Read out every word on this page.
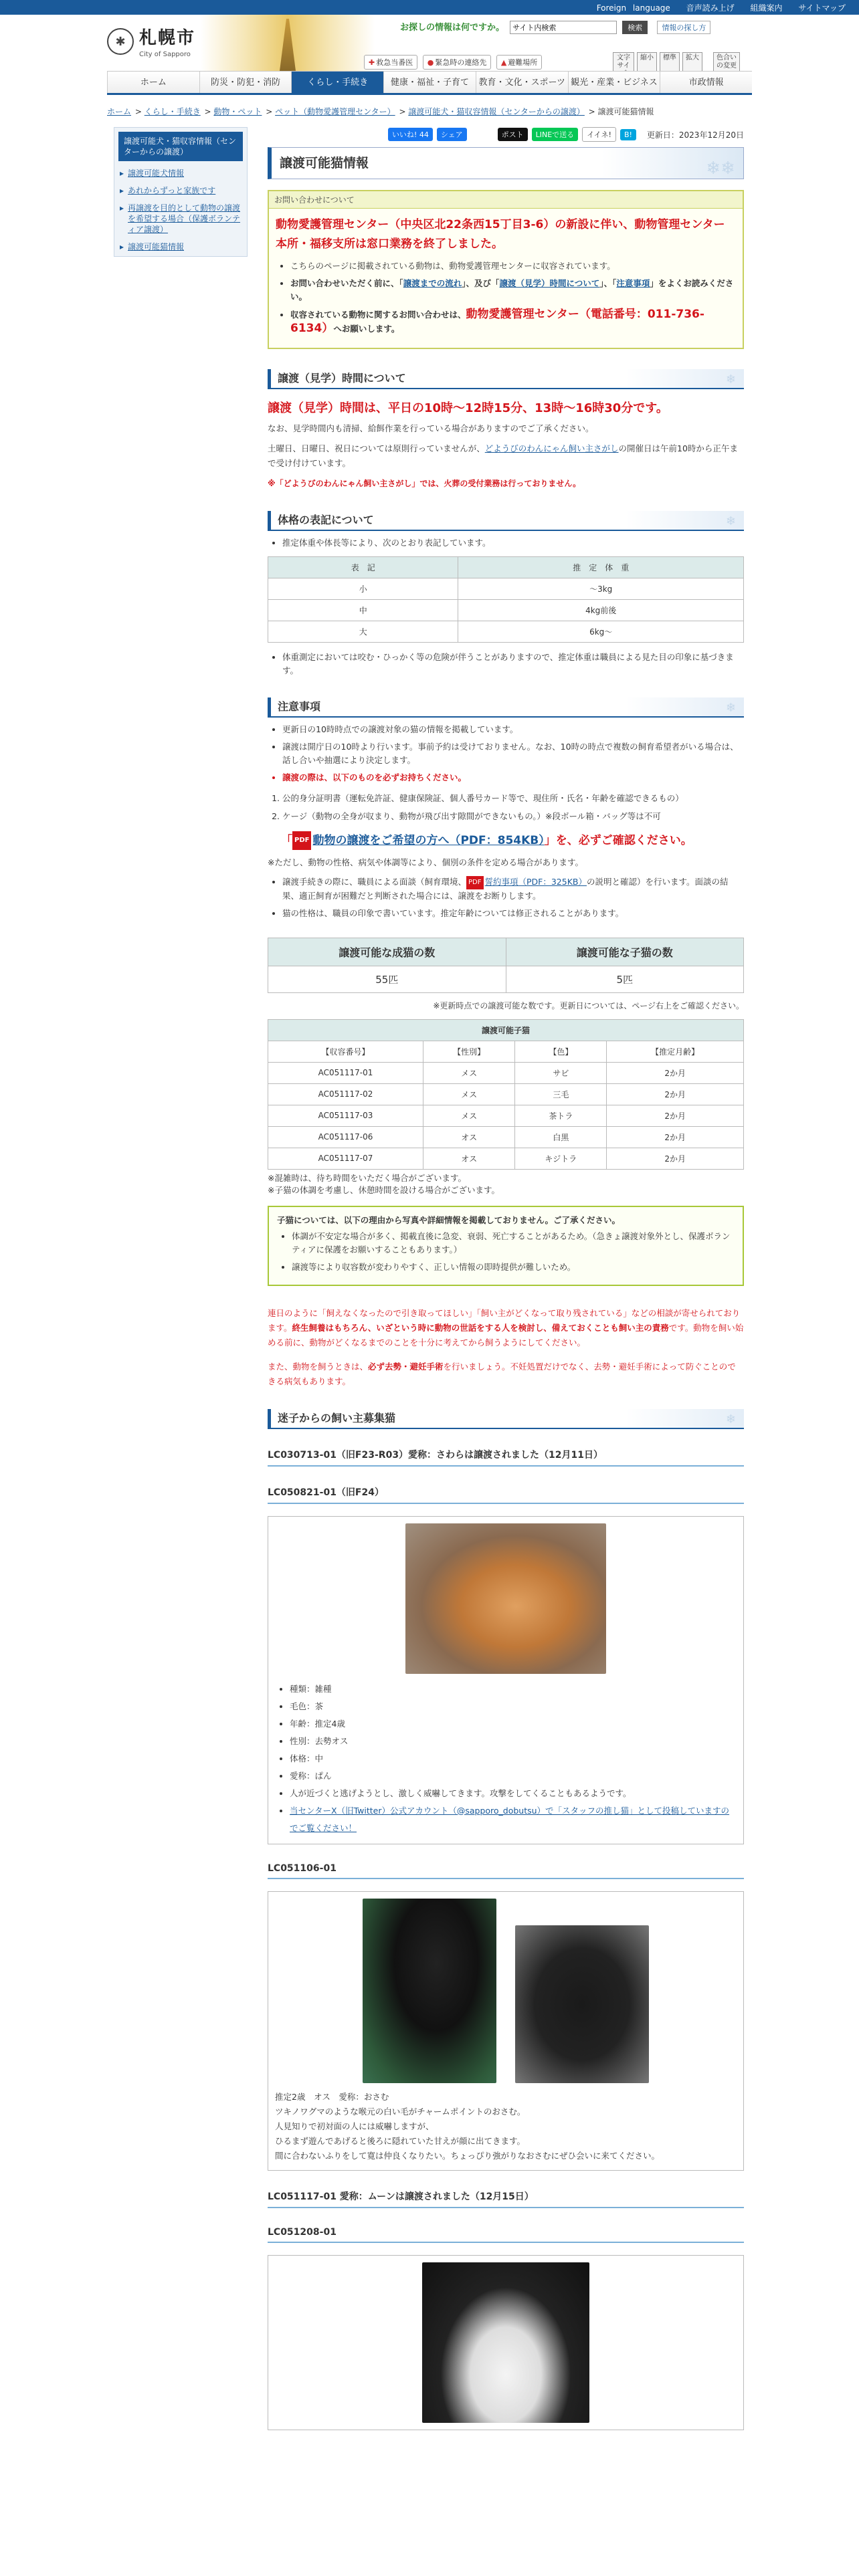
Foreign language 音声読み上げ 組織案内 サイトマップ
✱ 札幌市
City of Sapporo
お探しの情報は何ですか。 サイト内検索	検索	情報の探し方
✚ 救急当番医 ● 緊急時の連絡先 ▲ 避難場所
文字サイ
縮小	標準	拡大	色合いの変更
ホーム	防災・防犯・消防	くらし・手続き	健康・福祉・子育て	教育・文化・スポーツ 観光・産業・ビジネス	市政情報
ホーム > くらし・手続き > 動物・ペット > ペット（動物愛護管理センター） > 譲渡可能犬・猫収容情報（センターからの譲渡） > 譲渡可能猫情報
譲渡可能犬・猫収容情報（センターからの譲渡）
▸ 譲渡可能犬情報
▸ あれからずっと家族です
▸ 再譲渡を目的として動物の譲渡を希望する場合（保護ボランティア譲渡）
▸ 譲渡可能猫情報
いいね! 44	シェア	ポスト	LINEで送る	イイネ!	B!	更新日：2023年12月20日
譲渡可能猫情報	❄❄
お問い合わせについて
動物愛護管理センター（中央区北22条西15丁目3-6）の新設に伴い、動物管理センター本所・福移支所は窓口業務を終了しました。
• こちらのページに掲載されている動物は、動物愛護管理センターに収容されています。
• お問い合わせいただく前に、「譲渡までの流れ」、及び「譲渡（見学）時間について」、「注意事項」をよくお読みください。
• 収容されている動物に関するお問い合わせは、動物愛護管理センター（電話番号：011-736-6134）へお願いします。
譲渡（見学）時間について	❄
譲渡（見学）時間は、平日の10時～12時15分、13時～16時30分です。

なお、見学時間内も清掃、給餌作業を行っている場合がありますのでご了承ください。

土曜日、日曜日、祝日については原則行っていませんが、どようびのわんにゃん飼い主さがしの開催日は午前10時から正午まで受け付けています。

※「どようびのわんにゃん飼い主さがし」では、火葬の受付業務は行っておりません。

体格の表記について	❄
• 推定体重や体長等により、次のとおり表記しています。
表　記	推　定　体　重
小	～3kg
中	4kg前後
大	6kg～
• 体重測定においては咬む・ひっかく等の危険が伴うことがありますので、推定体重は職員による見た目の印象に基づきます。
注意事項	❄
• 更新日の10時時点での譲渡対象の猫の情報を掲載しています。
• 譲渡は開庁日の10時より行います。事前予約は受けておりません。なお、10時の時点で複数の飼育希望者がいる場合は、話し合いや抽選により決定します。
• 譲渡の際は、以下のものを必ずお持ちください。
1. 公的身分証明書（運転免許証、健康保険証、個人番号カード等で、現住所・氏名・年齢を確認できるもの）
2. ケージ（動物の全身が収まり、動物が飛び出す隙間ができないもの。）※段ボール箱・バッグ等は不可
「 PDF 動物の譲渡をご希望の方へ（PDF：854KB）」を、必ずご確認ください。

※ただし、動物の性格、病気や体調等により、個別の条件を定める場合があります。

• 譲渡手続きの際に、職員による面談（飼育環境、 PDF 誓約事項（PDF：325KB）の説明と確認）を行います。面談の結果、適正飼育が困難だと判断された場合には、譲渡をお断りします。
• 猫の性格は、職員の印象で書いています。推定年齢については修正されることがあります。
譲渡可能な成猫の数	譲渡可能な子猫の数
55匹	5匹
※更新時点での譲渡可能な数です。更新日については、ページ右上をご確認ください。
譲渡可能子猫			
【収容番号】	【性別】	【色】	【推定月齢】
AC051117-01	メス	サビ	2か月
AC051117-02	メス	三毛	2か月
AC051117-03	メス	茶トラ	2か月
AC051117-06	オス	白黒	2か月
AC051117-07	オス	キジトラ	2か月

※混雑時は、待ち時間をいただく場合がございます。

※子猫の体調を考慮し、休憩時間を設ける場合がございます。

子猫については、以下の理由から写真や詳細情報を掲載しておりません。ご了承ください。
• 体調が不安定な場合が多く、掲載直後に急変、衰弱、死亡することがあるため。（急きょ譲渡対象外とし、保護ボランティアに保護をお願いすることもあります。）
• 譲渡等により収容数が変わりやすく、正しい情報の即時提供が難しいため。

連日のように「飼えなくなったので引き取ってほしい」「飼い主がどくなって取り残されている」などの相談が寄せられております。終生飼養はもちろん、いざという時に動物の世話をする人を検討し、備えておくことも飼い主の責務です。動物を飼い始める前に、動物がどくなるまでのことを十分に考えてから飼うようにしてください。

また、動物を飼うときは、必ず去勢・避妊手術を行いましょう。不妊処置だけでなく、去勢・避妊手術によって防ぐことのできる病気もあります。

迷子からの飼い主募集猫	❄
LC030713-01（旧F23-R03）愛称：さわらは譲渡されました（12月11日）
LC050821-01（旧F24）
• 種類：雑種
• 毛色：茶
• 年齢：推定4歳
• 性別：去勢オス
• 体格：中
• 愛称：ぱん
• 人が近づくと逃げようとし、激しく威嚇してきます。攻撃をしてくることもあるようです。
• 当センターX（旧Twitter）公式アカウント（@sapporo_dobutsu）で「スタッフの推し猫」として投稿していますのでご覧ください！
LC051106-01
推定2歳　オス　愛称：おさむ
ツキノワグマのような喉元の白い毛がチャームポイントのおさむ。
人見知りで初対面の人には威嚇しますが、
ひるまず遊んであげると後ろに隠れていた甘えが顔に出てきます。
間に合わないふりをして寛は仲良くなりたい。ちょっぴり強がりなおさむにぜひ会いに来てください。
LC051117-01 愛称：ムーンは譲渡されました（12月15日）
LC051208-01
